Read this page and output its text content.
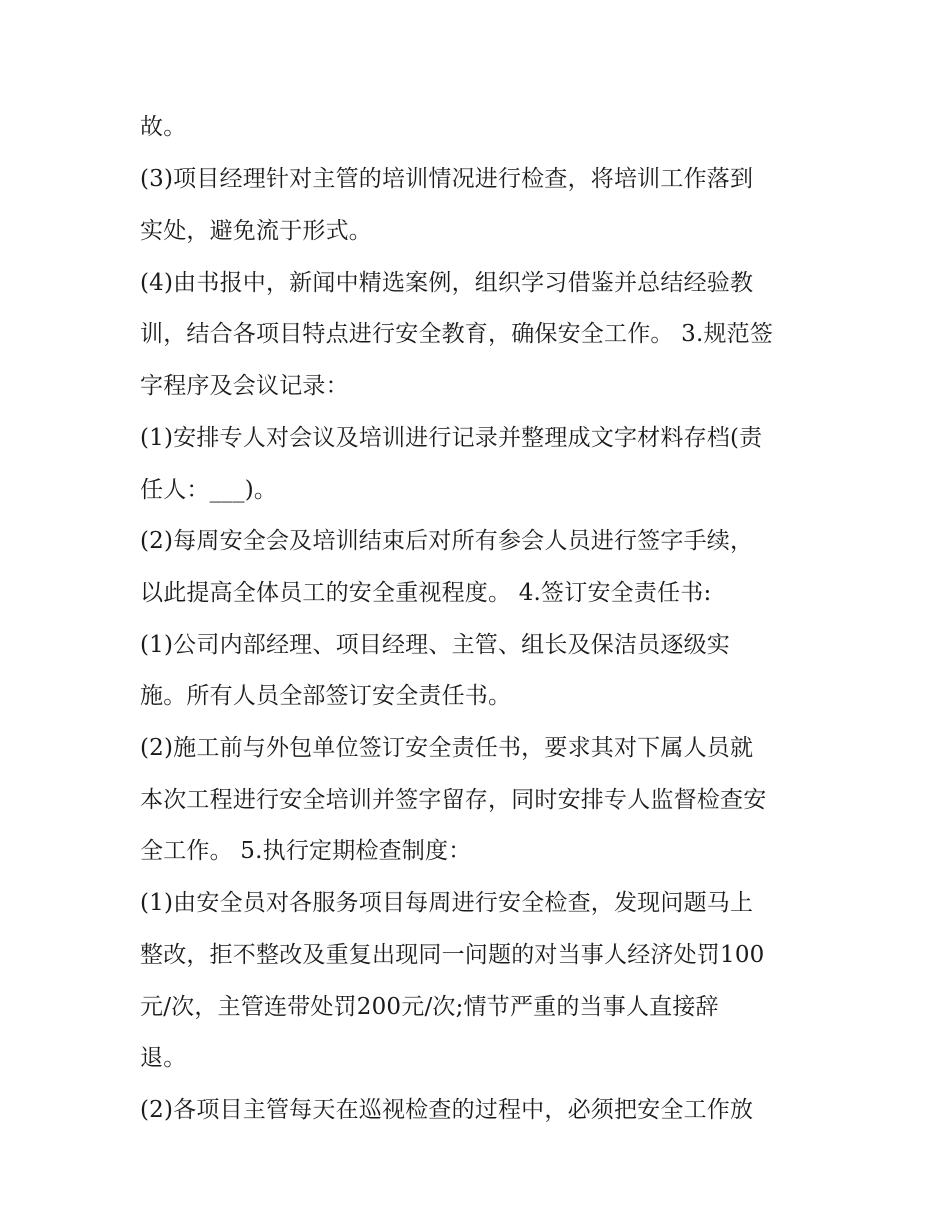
故。
(3)项目经理针对主管的培训情况进行检查，将培训工作落到
实处，避免流于形式。
(4)由书报中，新闻中精选案例，组织学习借鉴并总结经验教
训，结合各项目特点进行安全教育，确保安全工作。 3.规范签
字程序及会议记录：
(1)安排专人对会议及培训进行记录并整理成文字材料存档(责
任人：___)。
(2)每周安全会及培训结束后对所有参会人员进行签字手续，
以此提高全体员工的安全重视程度。 4.签订安全责任书:
(1)公司内部经理、项目经理、主管、组长及保洁员逐级实
施。所有人员全部签订安全责任书。
(2)施工前与外包单位签订安全责任书，要求其对下属人员就
本次工程进行安全培训并签字留存，同时安排专人监督检查安
全工作。 5.执行定期检查制度：
(1)由安全员对各服务项目每周进行安全检查，发现问题马上
整改，拒不整改及重复出现同一问题的对当事人经济处罚100
元/次，主管连带处罚200元/次;情节严重的当事人直接辞
退。
(2)各项目主管每天在巡视检查的过程中，必须把安全工作放
